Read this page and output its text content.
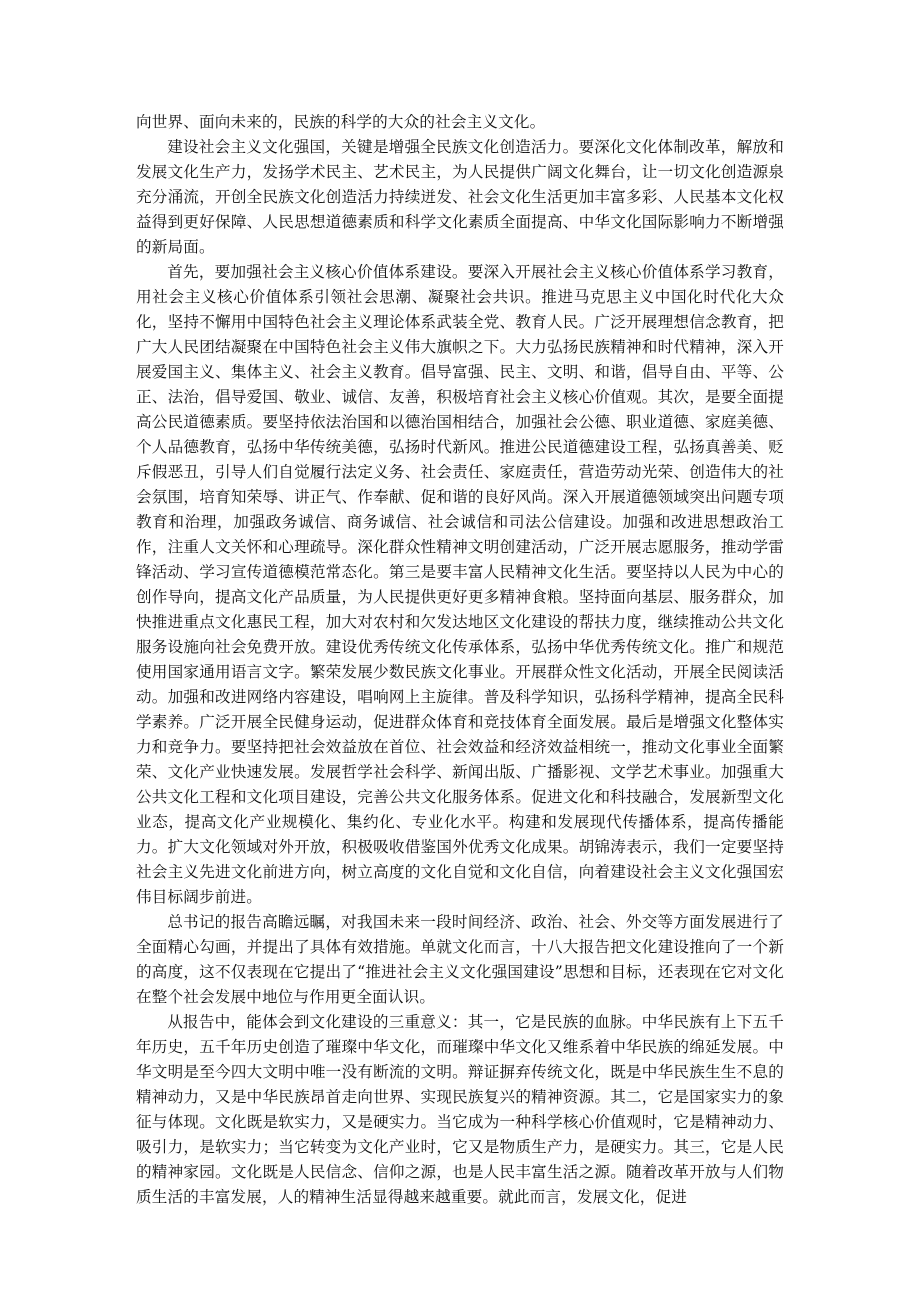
向世界、面向未来的，民族的科学的大众的社会主义文化。

建设社会主义文化强国，关键是增强全民族文化创造活力。要深化文化体制改革，解放和发展文化生产力，发扬学术民主、艺术民主，为人民提供广阔文化舞台，让一切文化创造源泉充分涌流，开创全民族文化创造活力持续迸发、社会文化生活更加丰富多彩、人民基本文化权益得到更好保障、人民思想道德素质和科学文化素质全面提高、中华文化国际影响力不断增强的新局面。

首先，要加强社会主义核心价值体系建设。要深入开展社会主义核心价值体系学习教育，用社会主义核心价值体系引领社会思潮、凝聚社会共识。推进马克思主义中国化时代化大众化，坚持不懈用中国特色社会主义理论体系武装全党、教育人民。广泛开展理想信念教育，把广大人民团结凝聚在中国特色社会主义伟大旗帜之下。大力弘扬民族精神和时代精神，深入开展爱国主义、集体主义、社会主义教育。倡导富强、民主、文明、和谐，倡导自由、平等、公正、法治，倡导爱国、敬业、诚信、友善，积极培育社会主义核心价值观。其次，是要全面提高公民道德素质。要坚持依法治国和以德治国相结合，加强社会公德、职业道德、家庭美德、个人品德教育，弘扬中华传统美德，弘扬时代新风。推进公民道德建设工程，弘扬真善美、贬斥假恶丑，引导人们自觉履行法定义务、社会责任、家庭责任，营造劳动光荣、创造伟大的社会氛围，培育知荣辱、讲正气、作奉献、促和谐的良好风尚。深入开展道德领域突出问题专项教育和治理，加强政务诚信、商务诚信、社会诚信和司法公信建设。加强和改进思想政治工作，注重人文关怀和心理疏导。深化群众性精神文明创建活动，广泛开展志愿服务，推动学雷锋活动、学习宣传道德模范常态化。第三是要丰富人民精神文化生活。要坚持以人民为中心的创作导向，提高文化产品质量，为人民提供更好更多精神食粮。坚持面向基层、服务群众，加快推进重点文化惠民工程，加大对农村和欠发达地区文化建设的帮扶力度，继续推动公共文化服务设施向社会免费开放。建设优秀传统文化传承体系，弘扬中华优秀传统文化。推广和规范使用国家通用语言文字。繁荣发展少数民族文化事业。开展群众性文化活动，开展全民阅读活动。加强和改进网络内容建设，唱响网上主旋律。普及科学知识，弘扬科学精神，提高全民科学素养。广泛开展全民健身运动，促进群众体育和竞技体育全面发展。最后是增强文化整体实力和竞争力。要坚持把社会效益放在首位、社会效益和经济效益相统一，推动文化事业全面繁荣、文化产业快速发展。发展哲学社会科学、新闻出版、广播影视、文学艺术事业。加强重大公共文化工程和文化项目建设，完善公共文化服务体系。促进文化和科技融合，发展新型文化业态，提高文化产业规模化、集约化、专业化水平。构建和发展现代传播体系，提高传播能力。扩大文化领域对外开放，积极吸收借鉴国外优秀文化成果。胡锦涛表示，我们一定要坚持社会主义先进文化前进方向，树立高度的文化自觉和文化自信，向着建设社会主义文化强国宏伟目标阔步前进。

总书记的报告高瞻远瞩，对我国未来一段时间经济、政治、社会、外交等方面发展进行了全面精心勾画，并提出了具体有效措施。单就文化而言，十八大报告把文化建设推向了一个新的高度，这不仅表现在它提出了“推进社会主义文化强国建设”思想和目标，还表现在它对文化在整个社会发展中地位与作用更全面认识。

从报告中，能体会到文化建设的三重意义：其一，它是民族的血脉。中华民族有上下五千年历史，五千年历史创造了璀璨中华文化，而璀璨中华文化又维系着中华民族的绵延发展。中华文明是至今四大文明中唯一没有断流的文明。辩证摒弃传统文化，既是中华民族生生不息的精神动力，又是中华民族昂首走向世界、实现民族复兴的精神资源。其二，它是国家实力的象征与体现。文化既是软实力，又是硬实力。当它成为一种科学核心价值观时，它是精神动力、吸引力，是软实力；当它转变为文化产业时，它又是物质生产力，是硬实力。其三，它是人民的精神家园。文化既是人民信念、信仰之源，也是人民丰富生活之源。随着改革开放与人们物质生活的丰富发展，人的精神生活显得越来越重要。就此而言，发展文化，促进
